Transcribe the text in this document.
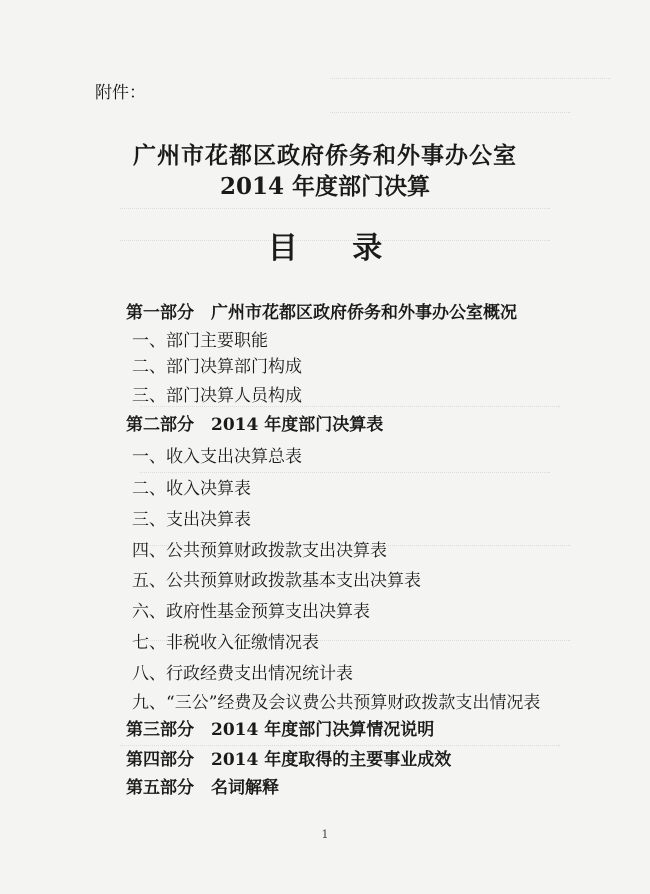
附件：
广州市花都区政府侨务和外事办公室
2014 年度部门决算
目 录
第一部分　广州市花都区政府侨务和外事办公室概况
一、部门主要职能
二、部门决算部门构成
三、部门决算人员构成
第二部分　2014 年度部门决算表
一、收入支出决算总表
二、收入决算表
三、支出决算表
四、公共预算财政拨款支出决算表
五、公共预算财政拨款基本支出决算表
六、政府性基金预算支出决算表
七、非税收入征缴情况表
八、行政经费支出情况统计表
九、“三公”经费及会议费公共预算财政拨款支出情况表
第三部分　2014 年度部门决算情况说明
第四部分　2014 年度取得的主要事业成效
第五部分　名词解释
1
